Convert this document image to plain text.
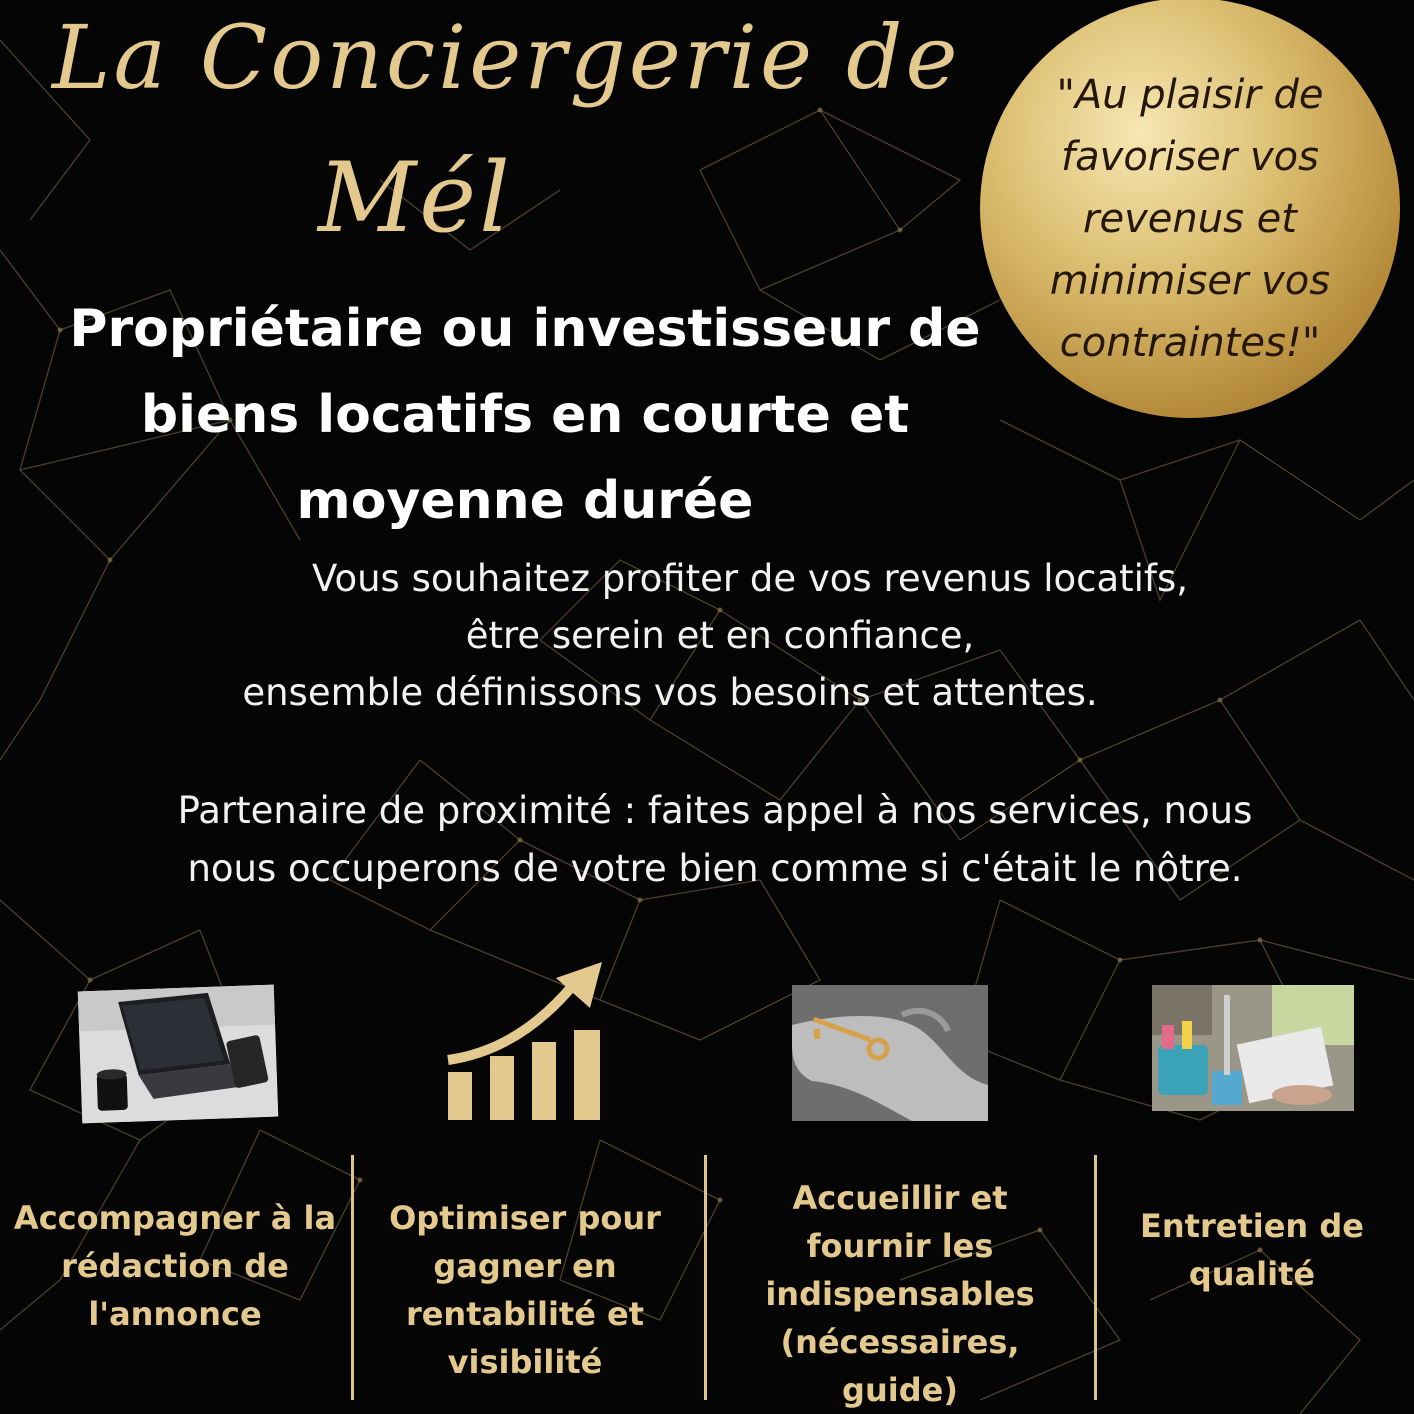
La Conciergerie de
Mél
"Au plaisir de favoriser vos revenus et minimiser vos contraintes!"
Propriétaire ou investisseur de
biens locatifs en courte et
moyenne durée
Vous souhaitez profiter de vos revenus locatifs,
être serein et en confiance,
ensemble définissons vos besoins et attentes.
Partenaire de proximité : faites appel à nos services, nous
nous occuperons de votre bien comme si c'était le nôtre.
Accompagner à la rédaction de l'annonce
Optimiser pour gagner en rentabilité et visibilité
Accueillir et fournir les indispensables (nécessaires, guide)
Entretien de qualité
